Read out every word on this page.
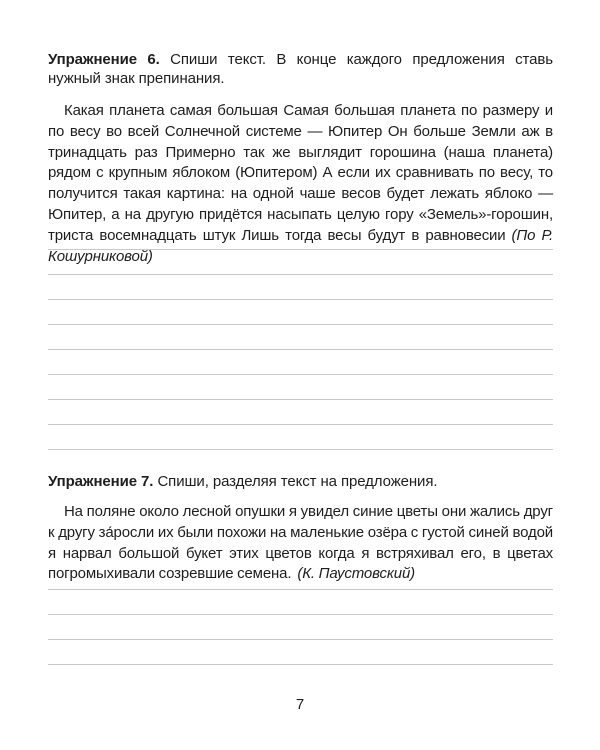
Упражнение 6. Спиши текст. В конце каждого предложения ставь нужный знак препинания.

Какая планета самая большая Самая большая планета по размеру и по весу во всей Солнечной системе — Юпитер Он больше Земли аж в тринадцать раз Примерно так же выглядит горошина (наша планета) рядом с крупным яблоком (Юпитером) А если их сравнивать по весу, то получится такая картина: на одной чаше весов будет лежать яблоко — Юпитер, а на другую придётся насыпать целую гору «Земель»-горошин, триста восемнадцать штук Лишь тогда весы будут в равновесии (По Р. Кошурниковой)

Упражнение 7. Спиши, разделяя текст на предложения.

На поляне около лесной опушки я увидел синие цветы они жались друг к другу за́росли их были похожи на маленькие озёра с густой синей водой я нарвал большой букет этих цветов когда я встряхивал его, в цветах погромыхивали созревшие семена. (К. Паустовский)

7
